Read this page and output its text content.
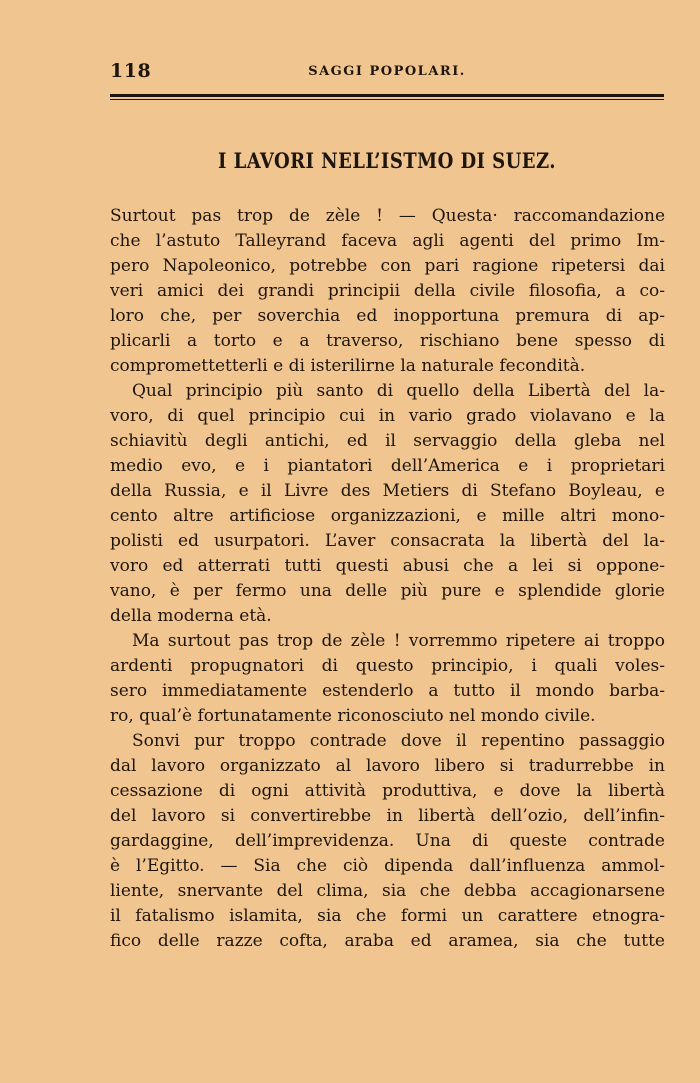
118	SAGGI POPOLARI.
I LAVORI NELL’ISTMO DI SUEZ.
Surtout pas trop de zèle ! — Questa· raccomandazione
che l’astuto Talleyrand faceva agli agenti del primo Im-
pero Napoleonico, potrebbe con pari ragione ripetersi dai
veri amici dei grandi principii della civile filosofia, a co-
loro che, per soverchia ed inopportuna premura di ap-
plicarli a torto e a traverso, rischiano bene spesso di
compromettetterli e di isterilirne la naturale fecondità.
Qual principio più santo di quello della Libertà del la-
voro, di quel principio cui in vario grado violavano e la
schiavitù degli antichi, ed il servaggio della gleba nel
medio evo, e i piantatori dell’America e i proprietari
della Russia, e il Livre des Metiers di Stefano Boyleau, e
cento altre artificiose organizzazioni, e mille altri mono-
polisti ed usurpatori. L’aver consacrata la libertà del la-
voro ed atterrati tutti questi abusi che a lei si oppone-
vano, è per fermo una delle più pure e splendide glorie
della moderna età.
Ma surtout pas trop de zèle ! vorremmo ripetere ai troppo
ardenti propugnatori di questo principio, i quali voles-
sero immediatamente estenderlo a tutto il mondo barba-
ro, qual’è fortunatamente riconosciuto nel mondo civile.
Sonvi pur troppo contrade dove il repentino passaggio
dal lavoro organizzato al lavoro libero si tradurrebbe in
cessazione di ogni attività produttiva, e dove la libertà
del lavoro si convertirebbe in libertà dell’ozio, dell’infin-
gardaggine, dell’imprevidenza. Una di queste contrade
è l’Egitto. — Sia che ciò dipenda dall’influenza ammol-
liente, snervante del clima, sia che debba accagionarsene
il fatalismo islamita, sia che formi un carattere etnogra-
fico delle razze cofta, araba ed aramea, sia che tutte
